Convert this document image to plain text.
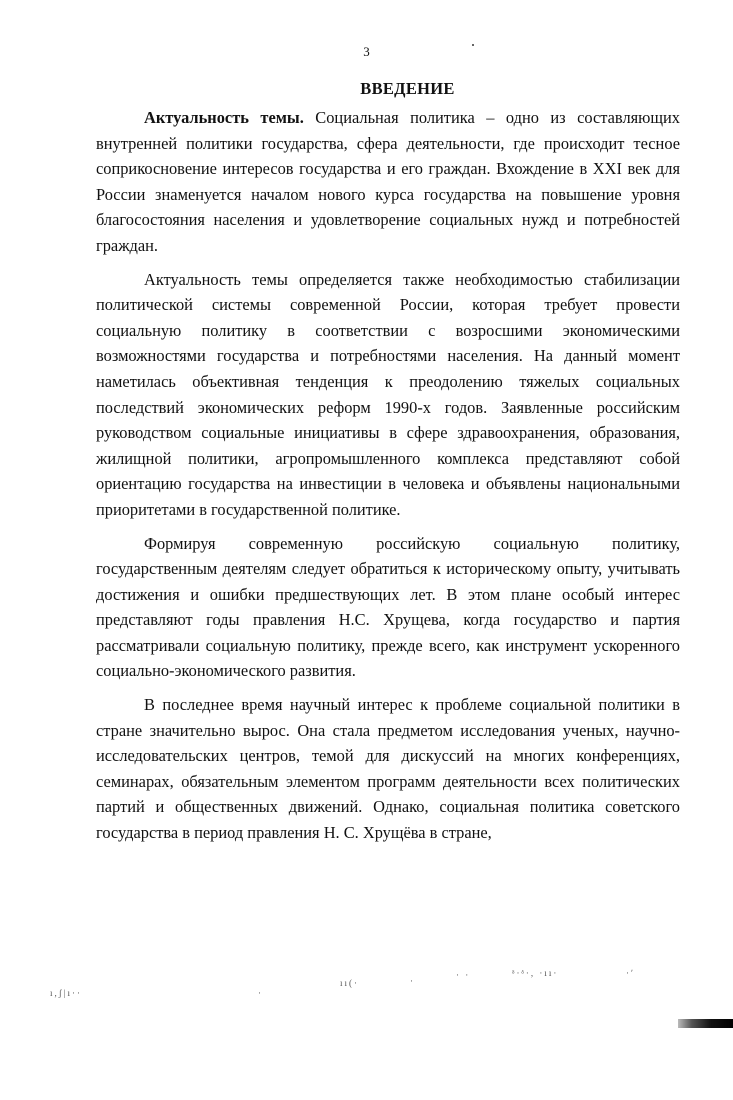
3
ВВЕДЕНИЕ

Актуальность темы. Социальная политика – одно из составляющих внутренней политики государства, сфера деятельности, где происходит тесное соприкосновение интересов государства и его граждан. Вхождение в XXI век для России знаменуется началом нового курса государства на повышение уровня благосостояния населения и удовлетворение социальных нужд и потребностей граждан.

Актуальность темы определяется также необходимостью стабилизации политической системы современной России, которая требует провести социальную политику в соответствии с возросшими экономическими возможностями государства и потребностями населения. На данный момент наметилась объективная тенденция к преодолению тяжелых социальных последствий экономических реформ 1990-х годов. Заявленные российским руководством социальные инициативы в сфере здравоохранения, образования, жилищной политики, агропромышленного комплекса представляют собой ориентацию государства на инвестиции в человека и объявлены национальными приоритетами в государственной политике.

Формируя современную российскую социальную политику, государственным деятелям следует обратиться к историческому опыту, учитывать достижения и ошибки предшествующих лет. В этом плане особый интерес представляют годы правления Н.С. Хрущева, когда государство и партия рассматривали социальную политику, прежде всего, как инструмент ускоренного социально-экономического развития.

В последнее время научный интерес к проблеме социальной политики в стране значительно вырос. Она стала предметом исследования ученых, научно-исследовательских центров, темой для дискуссий на многих конференциях, семинарах, обязательным элементом программ деятельности всех политических партий и общественных движений. Однако, социальная политика советского государства в период правления Н. С. Хрущёва в стране,

ı,ʃ|ı··	·
ıı(·	·
· ·	ᵟ·ᵟ·, ·ıı·	·ʹ
